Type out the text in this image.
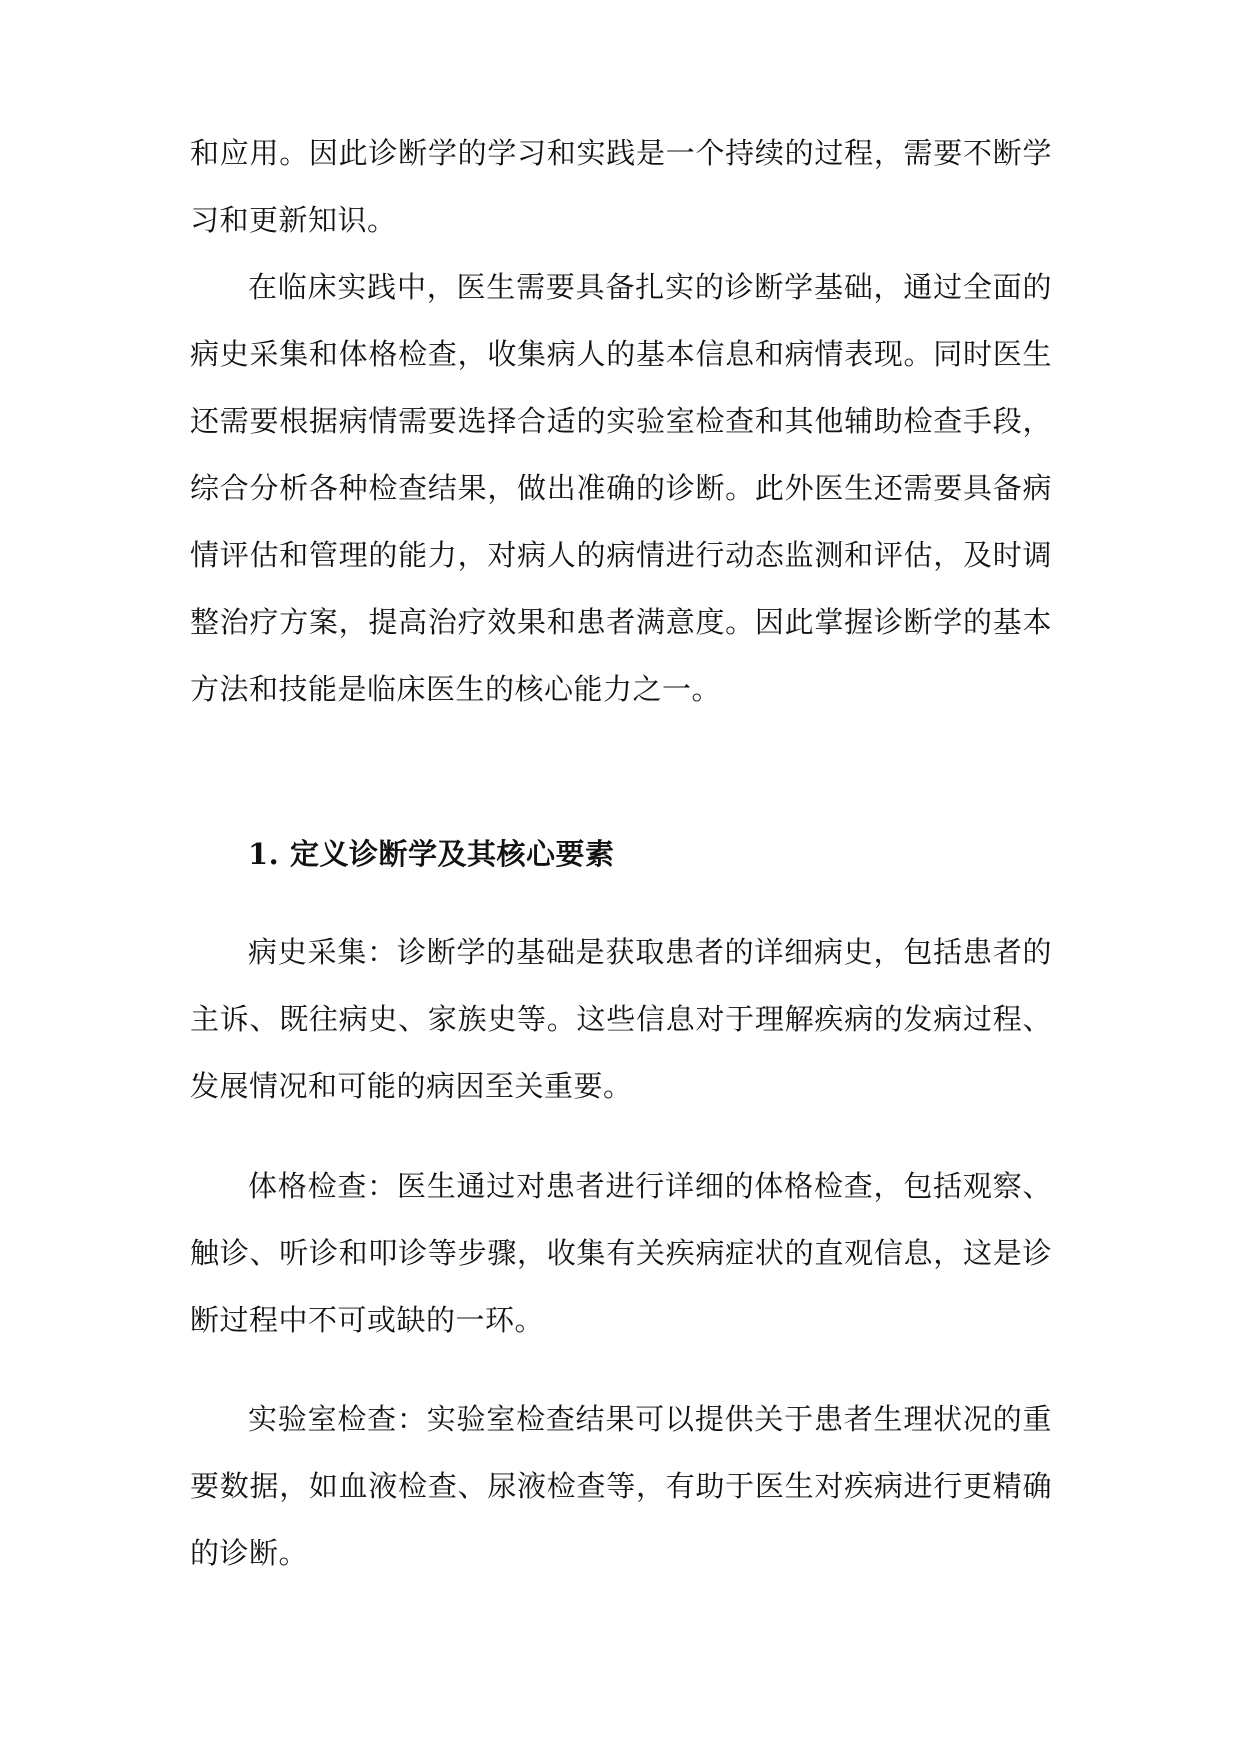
和应用。因此诊断学的学习和实践是一个持续的过程，需要不断学习和更新知识。

在临床实践中，医生需要具备扎实的诊断学基础，通过全面的病史采集和体格检查，收集病人的基本信息和病情表现。同时医生还需要根据病情需要选择合适的实验室检查和其他辅助检查手段，综合分析各种检查结果，做出准确的诊断。此外医生还需要具备病情评估和管理的能力，对病人的病情进行动态监测和评估，及时调整治疗方案，提高治疗效果和患者满意度。因此掌握诊断学的基本方法和技能是临床医生的核心能力之一。

1. 定义诊断学及其核心要素

病史采集：诊断学的基础是获取患者的详细病史，包括患者的主诉、既往病史、家族史等。这些信息对于理解疾病的发病过程、发展情况和可能的病因至关重要。

体格检查：医生通过对患者进行详细的体格检查，包括观察、触诊、听诊和叩诊等步骤，收集有关疾病症状的直观信息，这是诊断过程中不可或缺的一环。

实验室检查：实验室检查结果可以提供关于患者生理状况的重要数据，如血液检查、尿液检查等，有助于医生对疾病进行更精确的诊断。
